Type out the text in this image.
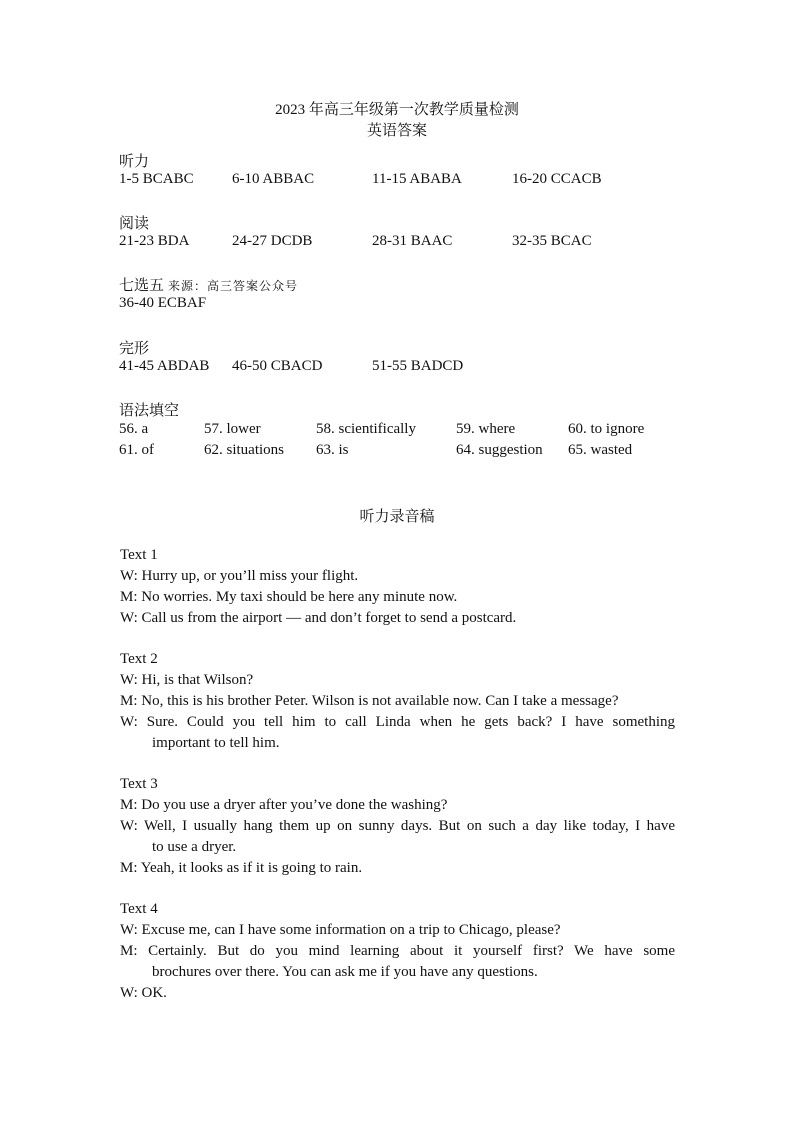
2023 年高三年级第一次教学质量检测
英语答案
听力
1-5 BCABC	6-10 ABBAC	11-15 ABABA	16-20 CCACB
阅读
21-23 BDA	24-27 DCDB	28-31 BAAC	32-35 BCAC
七选五 来源：高三答案公众号
36-40 ECBAF
完形
41-45 ABDAB 46-50 CBACD	51-55 BADCD
语法填空
56. a	57. lower	58. scientifically	59. where	60. to ignore
61. of	62. situations 63. is	64. suggestion 65. wasted
听力录音稿
Text 1
W: Hurry up, or you’ll miss your flight.
M: No worries. My taxi should be here any minute now.
W: Call us from the airport — and don’t forget to send a postcard.
Text 2
W: Hi, is that Wilson?
M: No, this is his brother Peter. Wilson is not available now. Can I take a message?
W: Sure. Could you tell him to call Linda when he gets back? I have something
important to tell him.
Text 3
M: Do you use a dryer after you’ve done the washing?
W: Well, I usually hang them up on sunny days. But on such a day like today, I have
to use a dryer.
M: Yeah, it looks as if it is going to rain.
Text 4
W: Excuse me, can I have some information on a trip to Chicago, please?
M: Certainly. But do you mind learning about it yourself first? We have some
brochures over there. You can ask me if you have any questions.
W: OK.
